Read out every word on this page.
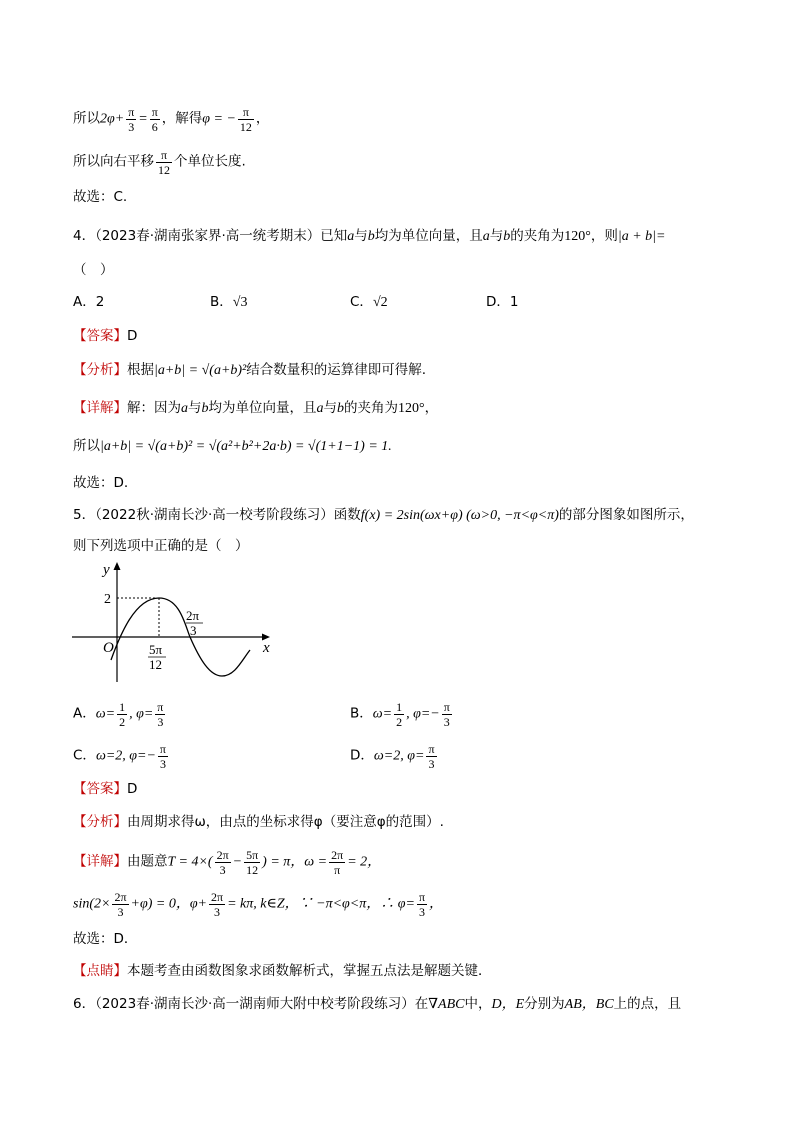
所以$2\varphi+ \frac{\pi}{3} = \frac{\pi}{6}$ ，解得φ = − $\frac{\pi}{12}$ ，
所以向右平移 $\frac{\pi}{12}$ 个单位长度.
故选：C.
4．（2023春·湖南张家界·高一统考期末）已知a与b均为单位向量，且a与b的夹角为120°，则|a + b|=
（　）
A．2	B．√3	C．√2	D．1
【答案】D
【分析】根据|a+b| = √(a+b)²结合数量积的运算律即可得解.
【详解】解：因为a与b均为单位向量，且a与b的夹角为120°，
所以|a+b| = √(a+b)² = √(a²+b²+2a·b) = √(1+1−1) = 1.
故选：D.
5．（2022秋·湖南长沙·高一校考阶段练习）函数f(x) = 2sin(ωx+φ) (ω>0, −π<φ<π)的部分图象如图所示，
则下列选项中正确的是（　）
y
x
O
2
5π
12
2π
3
A．$\omega= \frac{1}{2}$ , $\varphi= \frac{\pi}{3}$	B．$\omega= \frac{1}{2}$ , $\varphi=- \frac{\pi}{3}$
C．ω=2, $\varphi=- \frac{\pi}{3}$	D．ω=2, $\varphi= \frac{\pi}{3}$
【答案】D
【分析】由周期求得ω，由点的坐标求得φ（要注意φ的范围）.
【详解】由题意$T = 4\times( \frac{2\pi}{3} - \frac{5\pi}{12}$ ) = π，$\omega = \frac{2\pi}{\pi} = 2$，
$\sin(2\times \frac{2\pi}{3} +\varphi) = 0$，$\varphi+ \frac{2\pi}{3} = k\pi$, k∈Z，∵ −π<φ<π，∴ $\varphi= \frac{\pi}{3}$ ，
故选：D．
【点睛】本题考查由函数图象求函数解析式，掌握五点法是解题关键．
6．（2023春·湖南长沙·高一湖南师大附中校考阶段练习）在∇ABC中，D，E分别为AB，BC上的点，且
